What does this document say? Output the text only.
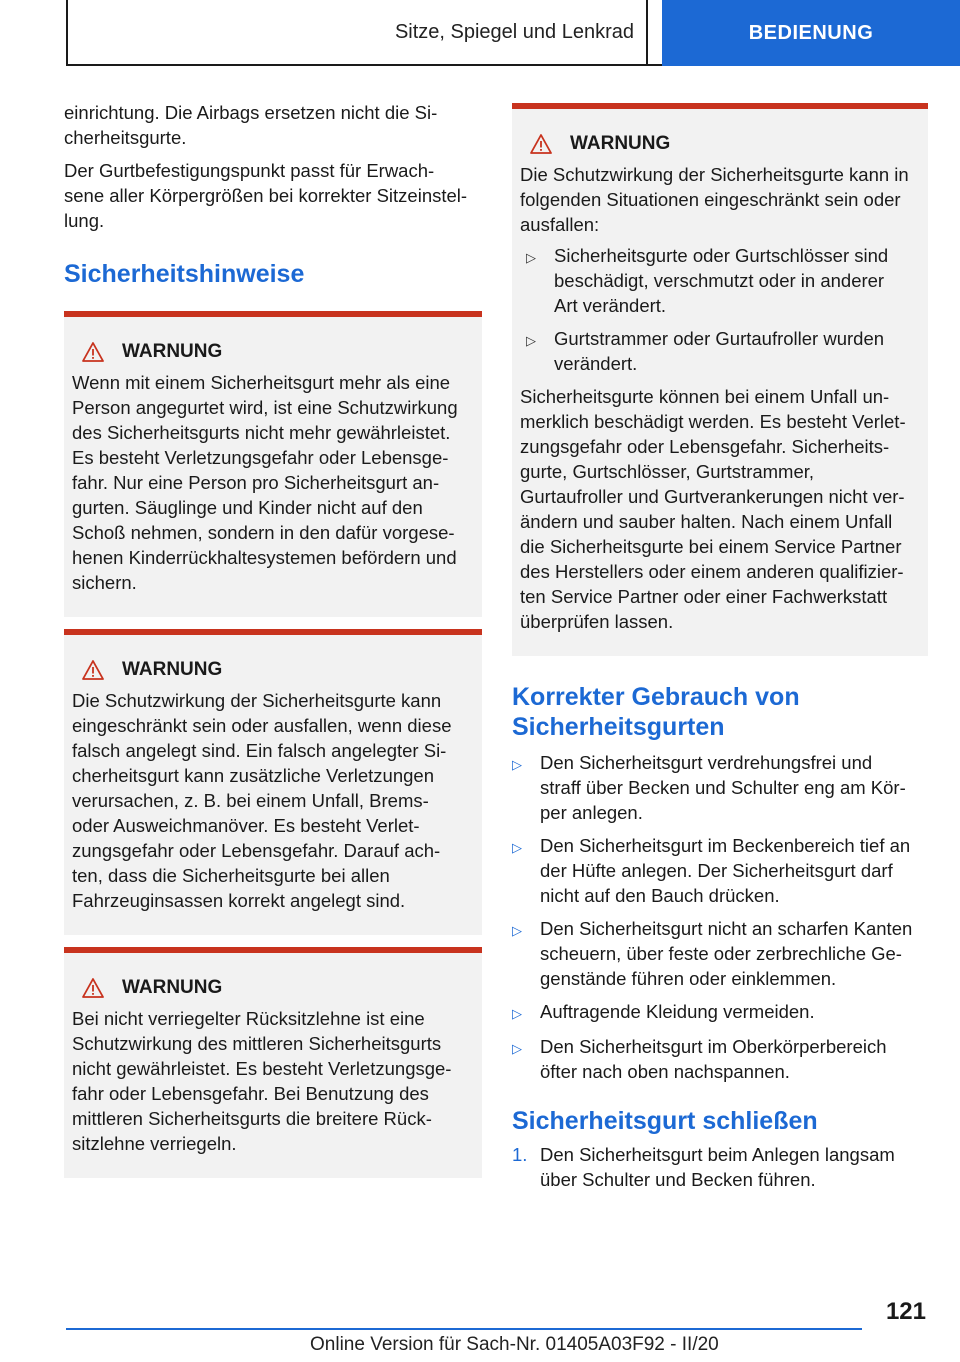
Sitze, Spiegel und Lenkrad	BEDIENUNG

einrichtung. Die Airbags ersetzen nicht die Si-
cherheitsgurte.

Der Gurtbefestigungspunkt passt für Erwach-
sene aller Körpergrößen bei korrekter Sitzeinstel-
lung.

Sicherheitshinweise
WARNUNG

Wenn mit einem Sicherheitsgurt mehr als eine
Person angegurtet wird, ist eine Schutzwirkung
des Sicherheitsgurts nicht mehr gewährleistet.
Es besteht Verletzungsgefahr oder Lebensge-
fahr. Nur eine Person pro Sicherheitsgurt an-
gurten. Säuglinge und Kinder nicht auf den
Schoß nehmen, sondern in den dafür vorgese-
henen Kinderrückhaltesystemen befördern und
sichern.

WARNUNG

Die Schutzwirkung der Sicherheitsgurte kann
eingeschränkt sein oder ausfallen, wenn diese
falsch angelegt sind. Ein falsch angelegter Si-
cherheitsgurt kann zusätzliche Verletzungen
verursachen, z. B. bei einem Unfall, Brems-
oder Ausweichmanöver. Es besteht Verlet-
zungsgefahr oder Lebensgefahr. Darauf ach-
ten, dass die Sicherheitsgurte bei allen
Fahrzeuginsassen korrekt angelegt sind.

WARNUNG

Bei nicht verriegelter Rücksitzlehne ist eine
Schutzwirkung des mittleren Sicherheitsgurts
nicht gewährleistet. Es besteht Verletzungsge-
fahr oder Lebensgefahr. Bei Benutzung des
mittleren Sicherheitsgurts die breitere Rück-
sitzlehne verriegeln.

WARNUNG

Die Schutzwirkung der Sicherheitsgurte kann in
folgenden Situationen eingeschränkt sein oder
ausfallen:

▷ Sicherheitsgurte oder Gurtschlösser sind
beschädigt, verschmutzt oder in anderer
Art verändert.
▷ Gurtstrammer oder Gurtaufroller wurden
verändert.

Sicherheitsgurte können bei einem Unfall un-
merklich beschädigt werden. Es besteht Verlet-
zungsgefahr oder Lebensgefahr. Sicherheits-
gurte, Gurtschlösser, Gurtstrammer,
Gurtaufroller und Gurtverankerungen nicht ver-
ändern und sauber halten. Nach einem Unfall
die Sicherheitsgurte bei einem Service Partner
des Herstellers oder einem anderen qualifizier-
ten Service Partner oder einer Fachwerkstatt
überprüfen lassen.

Korrekter Gebrauch von
Sicherheitsgurten
▷ Den Sicherheitsgurt verdrehungsfrei und
straff über Becken und Schulter eng am Kör-
per anlegen.
▷ Den Sicherheitsgurt im Beckenbereich tief an
der Hüfte anlegen. Der Sicherheitsgurt darf
nicht auf den Bauch drücken.
▷ Den Sicherheitsgurt nicht an scharfen Kanten
scheuern, über feste oder zerbrechliche Ge-
genstände führen oder einklemmen.
▷ Auftragende Kleidung vermeiden.
▷ Den Sicherheitsgurt im Oberkörperbereich
öfter nach oben nachspannen.
Sicherheitsgurt schließen
1. Den Sicherheitsgurt beim Anlegen langsam
über Schulter und Becken führen.
121
Online Version für Sach-Nr. 01405A03F92 - II/20
